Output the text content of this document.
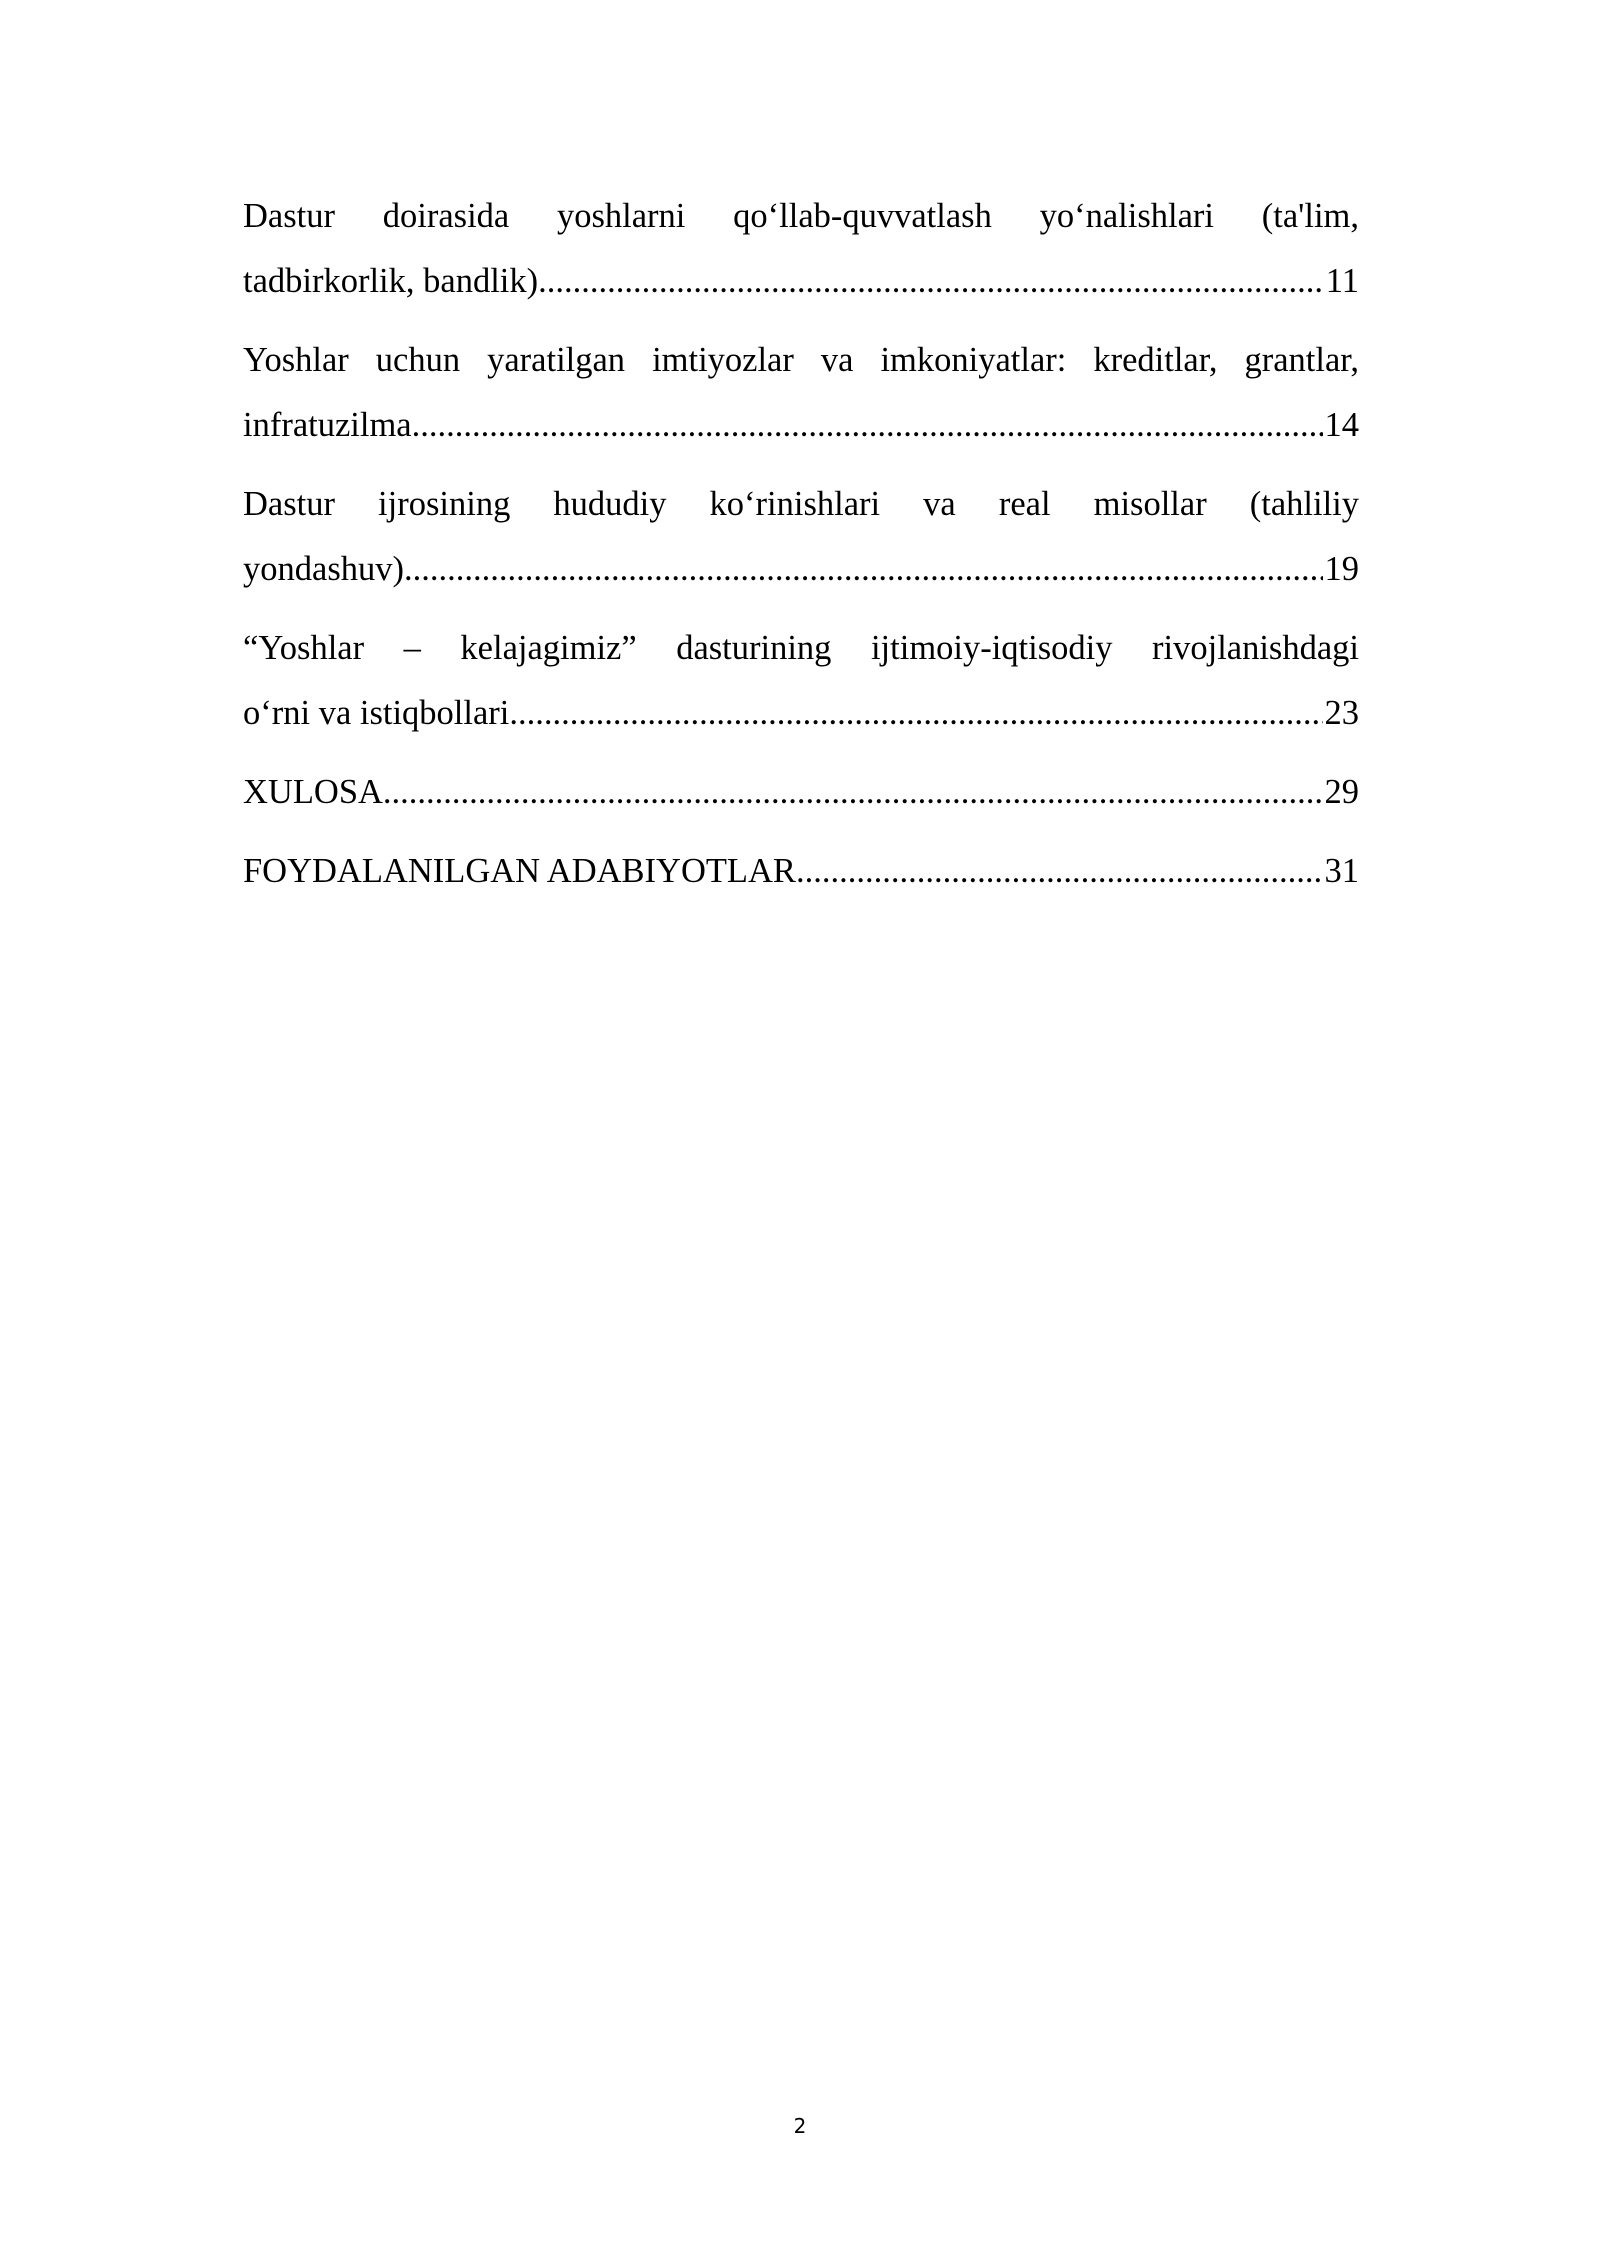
Dastur doirasida yoshlarni qo‘llab-quvvatlash yo‘nalishlari (ta'lim,
tadbirkorlik, bandlik) .....	11
Yoshlar uchun yaratilgan imtiyozlar va imkoniyatlar: kreditlar, grantlar,
infratuzilma .....	14
Dastur ijrosining hududiy ko‘rinishlari va real misollar (tahliliy
yondashuv) .....	19
“Yoshlar – kelajagimiz” dasturining ijtimoiy-iqtisodiy rivojlanishdagi
o‘rni va istiqbollari .....	23
XULOSA .....	29
FOYDALANILGAN ADABIYOTLAR .....	31
2
